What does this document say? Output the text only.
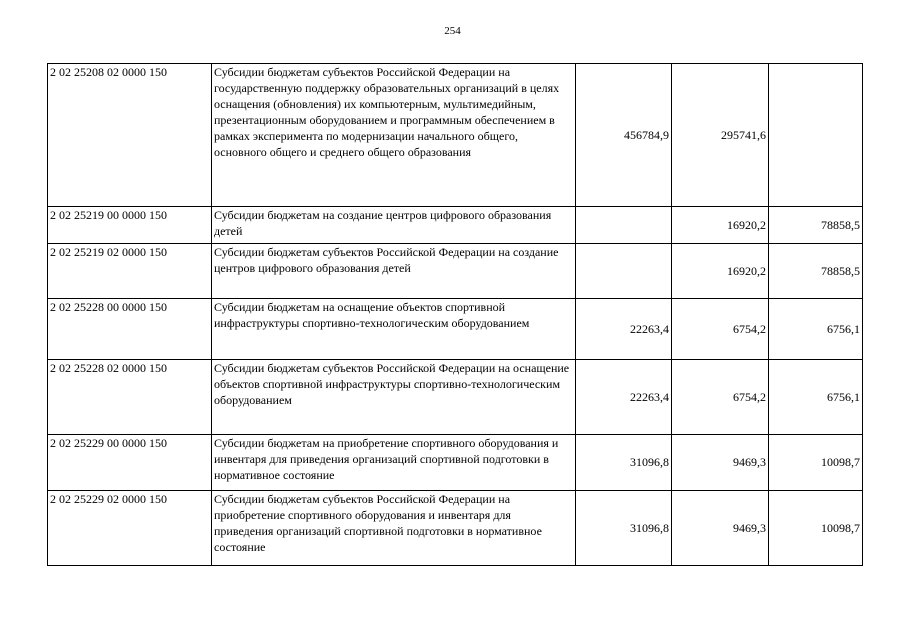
254
2 02 25208 02 0000 150	Субсидии бюджетам субъектов Российской Федерации на государственную поддержку образовательных организаций в целях оснащения (обновления) их компьютерным, мультимедийным, презентационным оборудованием и программным обеспечением в рамках эксперимента по модернизации начального общего, основного общего и среднего общего образования	456784,9	295741,6	
2 02 25219 00 0000 150	Субсидии бюджетам на создание центров цифрового образования детей		16920,2	78858,5
2 02 25219 02 0000 150	Субсидии бюджетам субъектов Российской Федерации на создание центров цифрового образования детей		16920,2	78858,5
2 02 25228 00 0000 150	Субсидии бюджетам на оснащение объектов спортивной инфраструктуры спортивно-технологическим оборудованием	22263,4	6754,2	6756,1
2 02 25228 02 0000 150	Субсидии бюджетам субъектов Российской Федерации на оснащение объектов спортивной инфраструктуры спортивно-технологическим оборудованием	22263,4	6754,2	6756,1
2 02 25229 00 0000 150	Субсидии бюджетам на приобретение спортивного оборудования и инвентаря для приведения организаций спортивной подготовки в нормативное состояние	31096,8	9469,3	10098,7
2 02 25229 02 0000 150	Субсидии бюджетам субъектов Российской Федерации на приобретение спортивного оборудования и инвентаря для приведения организаций спортивной подготовки в нормативное состояние	31096,8	9469,3	10098,7
